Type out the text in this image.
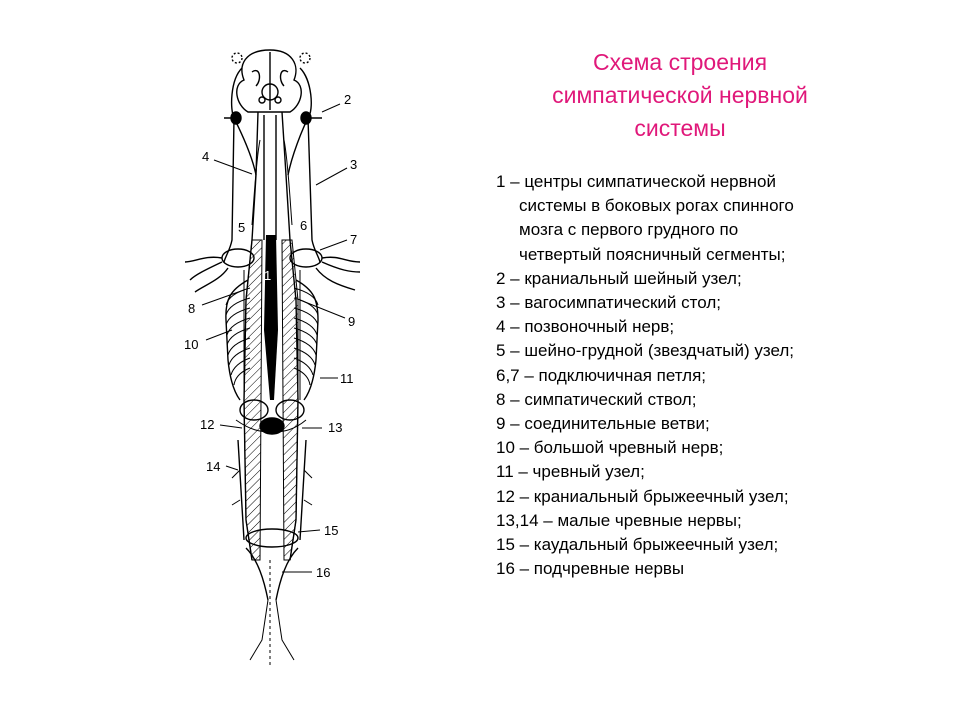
1
2
3
4
5	6
7
8
9
10
11
12	13
14
15
16
Схема строения
симпатической нервной
системы
1 – центры симпатической нервной
системы в боковых рогах спинного
мозга с первого грудного по
четвертый поясничный сегменты;
2 – краниальный шейный узел;
3 – вагосимпатический стол;
4 – позвоночный нерв;
5 – шейно-грудной (звездчатый) узел;
6,7 – подключичная петля;
8 – симпатический ствол;
9 – соединительные ветви;
10 – большой чревный нерв;
11 – чревный узел;
12 – краниальный брыжеечный узел;
13,14 – малые чревные нервы;
15 – каудальный брыжеечный узел;
16 – подчревные нервы
